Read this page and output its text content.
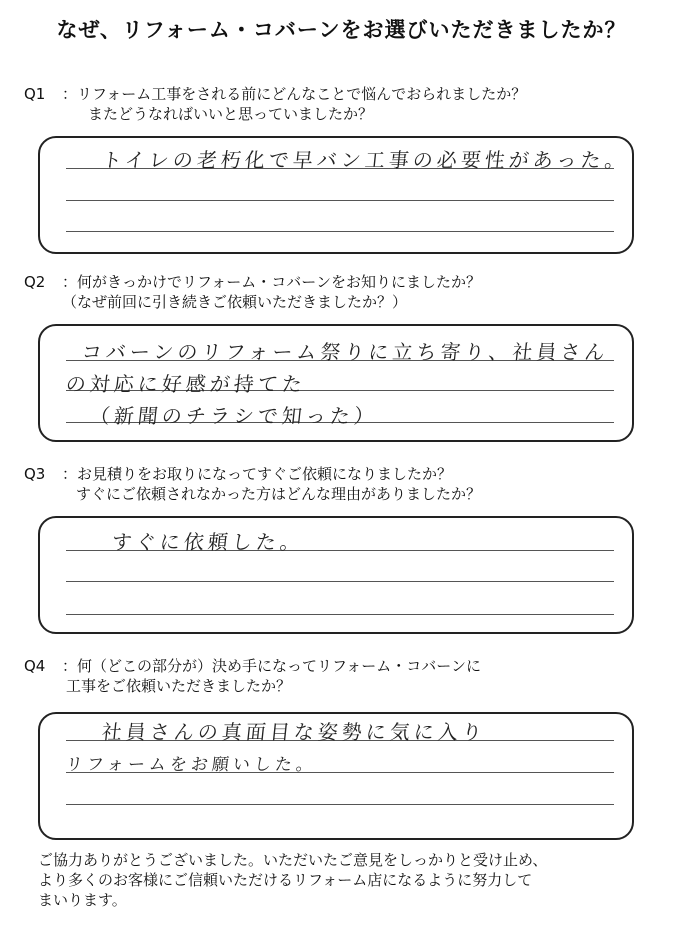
なぜ、リフォーム・コバーンをお選びいただきましたか？
Q1 ：リフォーム工事をされる前にどんなことで悩んでおられましたか？
またどうなればいいと思っていましたか？
トイレの老朽化で早バン工事の必要性があった。
Q2 ：何がきっかけでリフォーム・コバーンをお知りにましたか？
（なぜ前回に引き続きご依頼いただきましたか？）
コバーンのリフォーム祭りに立ち寄り、社員さん
の対応に好感が持てた
（新聞のチラシで知った）
Q3 ：お見積りをお取りになってすぐご依頼になりましたか？
すぐにご依頼されなかった方はどんな理由がありましたか？
すぐに依頼した。
Q4 ：何（どこの部分が）決め手になってリフォーム・コバーンに
工事をご依頼いただきましたか？
社員さんの真面目な姿勢に気に入り
リフォームをお願いした。
ご協力ありがとうございました。いただいたご意見をしっかりと受け止め、
より多くのお客様にご信頼いただけるリフォーム店になるように努力して
まいります。
